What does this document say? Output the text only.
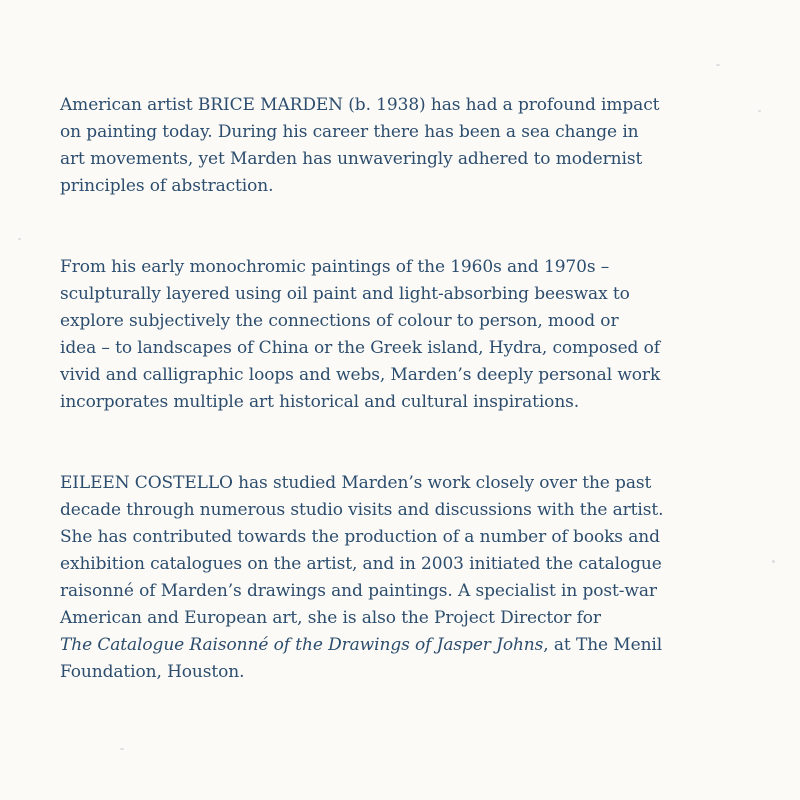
American artist BRICE MARDEN (b. 1938) has had a profound impact
on painting today. During his career there has been a sea change in
art movements, yet Marden has unwaveringly adhered to modernist
principles of abstraction.
From his early monochromic paintings of the 1960s and 1970s –
sculpturally layered using oil paint and light-absorbing beeswax to
explore subjectively the connections of colour to person, mood or
idea – to landscapes of China or the Greek island, Hydra, composed of
vivid and calligraphic loops and webs, Marden’s deeply personal work
incorporates multiple art historical and cultural inspirations.
EILEEN COSTELLO has studied Marden’s work closely over the past
decade through numerous studio visits and discussions with the artist.
She has contributed towards the production of a number of books and
exhibition catalogues on the artist, and in 2003 initiated the catalogue
raisonné of Marden’s drawings and paintings. A specialist in post-war
American and European art, she is also the Project Director for
The Catalogue Raisonné of the Drawings of Jasper Johns, at The Menil
Foundation, Houston.
